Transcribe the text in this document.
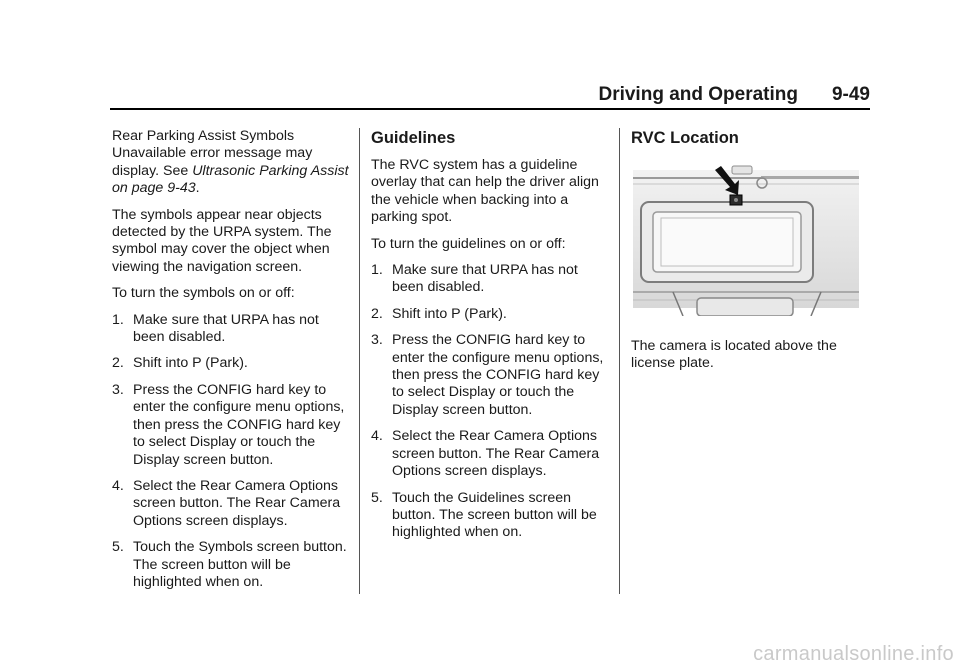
Driving and Operating 9-49

Rear Parking Assist Symbols Unavailable error message may display. See Ultrasonic Parking Assist on page 9-43.

The symbols appear near objects detected by the URPA system. The symbol may cover the object when viewing the navigation screen.

To turn the symbols on or off:

1. Make sure that URPA has not been disabled.
2. Shift into P (Park).
3. Press the CONFIG hard key to enter the configure menu options, then press the CONFIG hard key to select Display or touch the Display screen button.
4. Select the Rear Camera Options screen button. The Rear Camera Options screen displays.
5. Touch the Symbols screen button. The screen button will be highlighted when on.
Guidelines

The RVC system has a guideline overlay that can help the driver align the vehicle when backing into a parking spot.

To turn the guidelines on or off:

1. Make sure that URPA has not been disabled.
2. Shift into P (Park).
3. Press the CONFIG hard key to enter the configure menu options, then press the CONFIG hard key to select Display or touch the Display screen button.
4. Select the Rear Camera Options screen button. The Rear Camera Options screen displays.
5. Touch the Guidelines screen button. The screen button will be highlighted when on.
RVC Location

The camera is located above the license plate.

carmanualsonline.info
